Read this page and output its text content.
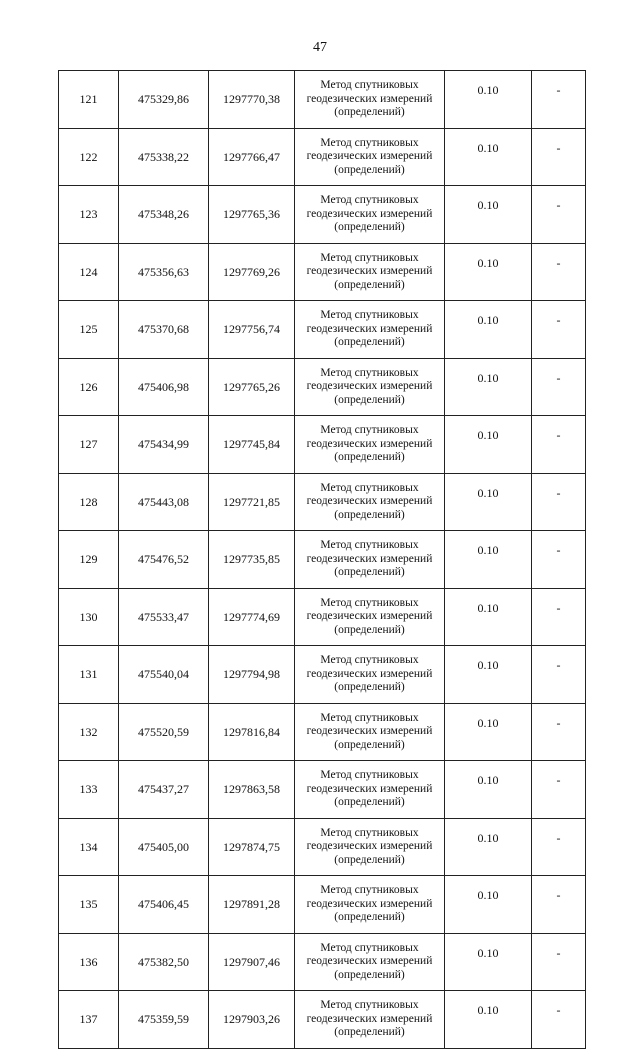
47
121	475329,86	1297770,38	Метод спутниковых
геодезических измерений
(определений)	0.10	-
122	475338,22	1297766,47	Метод спутниковых
геодезических измерений
(определений)	0.10	-
123	475348,26	1297765,36	Метод спутниковых
геодезических измерений
(определений)	0.10	-
124	475356,63	1297769,26	Метод спутниковых
геодезических измерений
(определений)	0.10	-
125	475370,68	1297756,74	Метод спутниковых
геодезических измерений
(определений)	0.10	-
126	475406,98	1297765,26	Метод спутниковых
геодезических измерений
(определений)	0.10	-
127	475434,99	1297745,84	Метод спутниковых
геодезических измерений
(определений)	0.10	-
128	475443,08	1297721,85	Метод спутниковых
геодезических измерений
(определений)	0.10	-
129	475476,52	1297735,85	Метод спутниковых
геодезических измерений
(определений)	0.10	-
130	475533,47	1297774,69	Метод спутниковых
геодезических измерений
(определений)	0.10	-
131	475540,04	1297794,98	Метод спутниковых
геодезических измерений
(определений)	0.10	-
132	475520,59	1297816,84	Метод спутниковых
геодезических измерений
(определений)	0.10	-
133	475437,27	1297863,58	Метод спутниковых
геодезических измерений
(определений)	0.10	-
134	475405,00	1297874,75	Метод спутниковых
геодезических измерений
(определений)	0.10	-
135	475406,45	1297891,28	Метод спутниковых
геодезических измерений
(определений)	0.10	-
136	475382,50	1297907,46	Метод спутниковых
геодезических измерений
(определений)	0.10	-
137	475359,59	1297903,26	Метод спутниковых
геодезических измерений
(определений)	0.10	-
